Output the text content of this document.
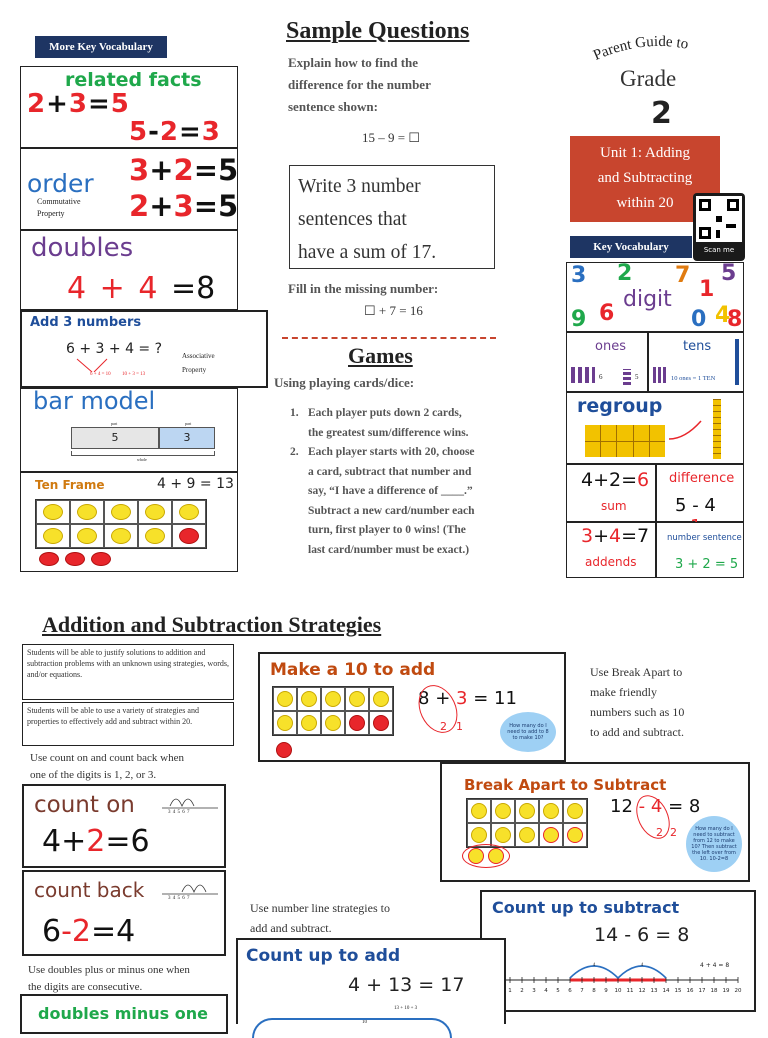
More Key Vocabulary
related facts
2+3=5
5-2=3
order
Commutative
Property
3+2=5
2+3=5
doubles
4 + 4 =8
Add 3 numbers
6 + 3 + 4 = ?
6 + 4 = 10 10 + 3 = 13
Associative
Property
bar model
part	part
5	3
whole
Ten Frame	4 + 9 = 13
Sample Questions
Explain how to find the
difference for the number
sentence shown:
15 – 9 = ☐
Write 3 number
sentences that
have a sum of 17.
Fill in the missing number:
☐ + 7 = 16
Games
Using playing cards/dice:
1. Each player puts down 2 cards,
the greatest sum/difference wins.
2. Each player starts with 20, choose
a card, subtract that number and
say, “I have a difference of ____.”
Subtract a new card/number each
turn, first player to 0 wins! (The
last card/number must be exact.)
Parent Guide to
Grade
2
Unit 1: Adding
and Subtracting
within 20
Scan me
Key Vocabulary
3 2 7
1
5
9 6	0 4
8
digit
ones
6	5
tens
10 ones = 1 TEN
regroup
4+2=6
sum
difference
5 - 4
3+4=7
addends
number sentence
3 + 2 = 5
Addition and Subtraction Strategies
Students will be able to justify solutions to addition and subtraction problems with an unknown using strategies, words, and/or equations.
Students will be able to use a variety of strategies and properties to effectively add and subtract within 20.
Use count on and count back when
one of the digits is 1, 2, or 3.
count on	3 4 5 6 7
4+2=6
count back	3 4 5 6 7
6-2=4
Use doubles plus or minus one when
the digits are consecutive.
doubles minus one
Make a 10 to add
8 + 3 = 11
2 1	How many do I need to add to 8 to make 10?
Use Break Apart to
make friendly
numbers such as 10
to add and subtract.
Break Apart to Subtract
12 - 4 = 8
2 2	How many do I need to subtract from 12 to make 10? Then subtract the left over from 10. 10-2=8
Use number line strategies to
add and subtract.
Count up to subtract
14 - 6 = 8
1 2 3 4 5 6 7 8 9 10 11 12 13 14 15 16 17 18 19 20
4	4	4 + 4 = 8
Count up to add
4 + 13 = 17
13 + 10 + 3
10
